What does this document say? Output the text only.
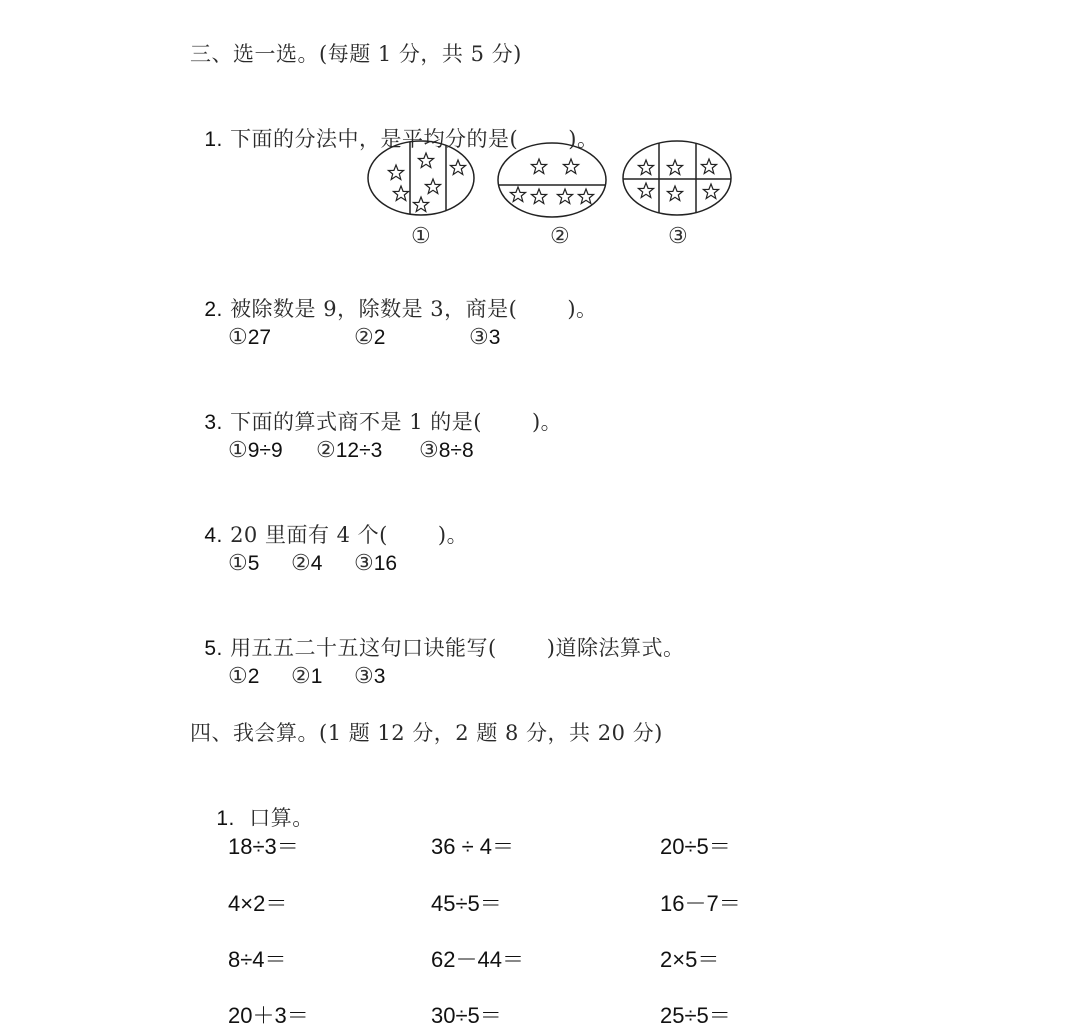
三、选一选。(每题 1 分，共 5 分)

1. 下面的分法中，是平均分的是( )。

①	②	③

2. 被除数是 9，除数是 3，商是( )。

①27	②2	③3

3. 下面的算式商不是 1 的是( )。

①9÷9 ②12÷3 ③8÷8

4. 20 里面有 4 个( )。

①5 ②4 ③16

5. 用五五二十五这句口诀能写( )道除法算式。

①2 ②1 ③3
四、我会算。(1 题 12 分，2 题 8 分，共 20 分)

1. 口算。

18÷3＝	36 ÷ 4＝	20÷5＝
4×2＝	45÷5＝	16－7＝
8÷4＝	62－44＝	2×5＝
20＋3＝	30÷5＝	25÷5＝
